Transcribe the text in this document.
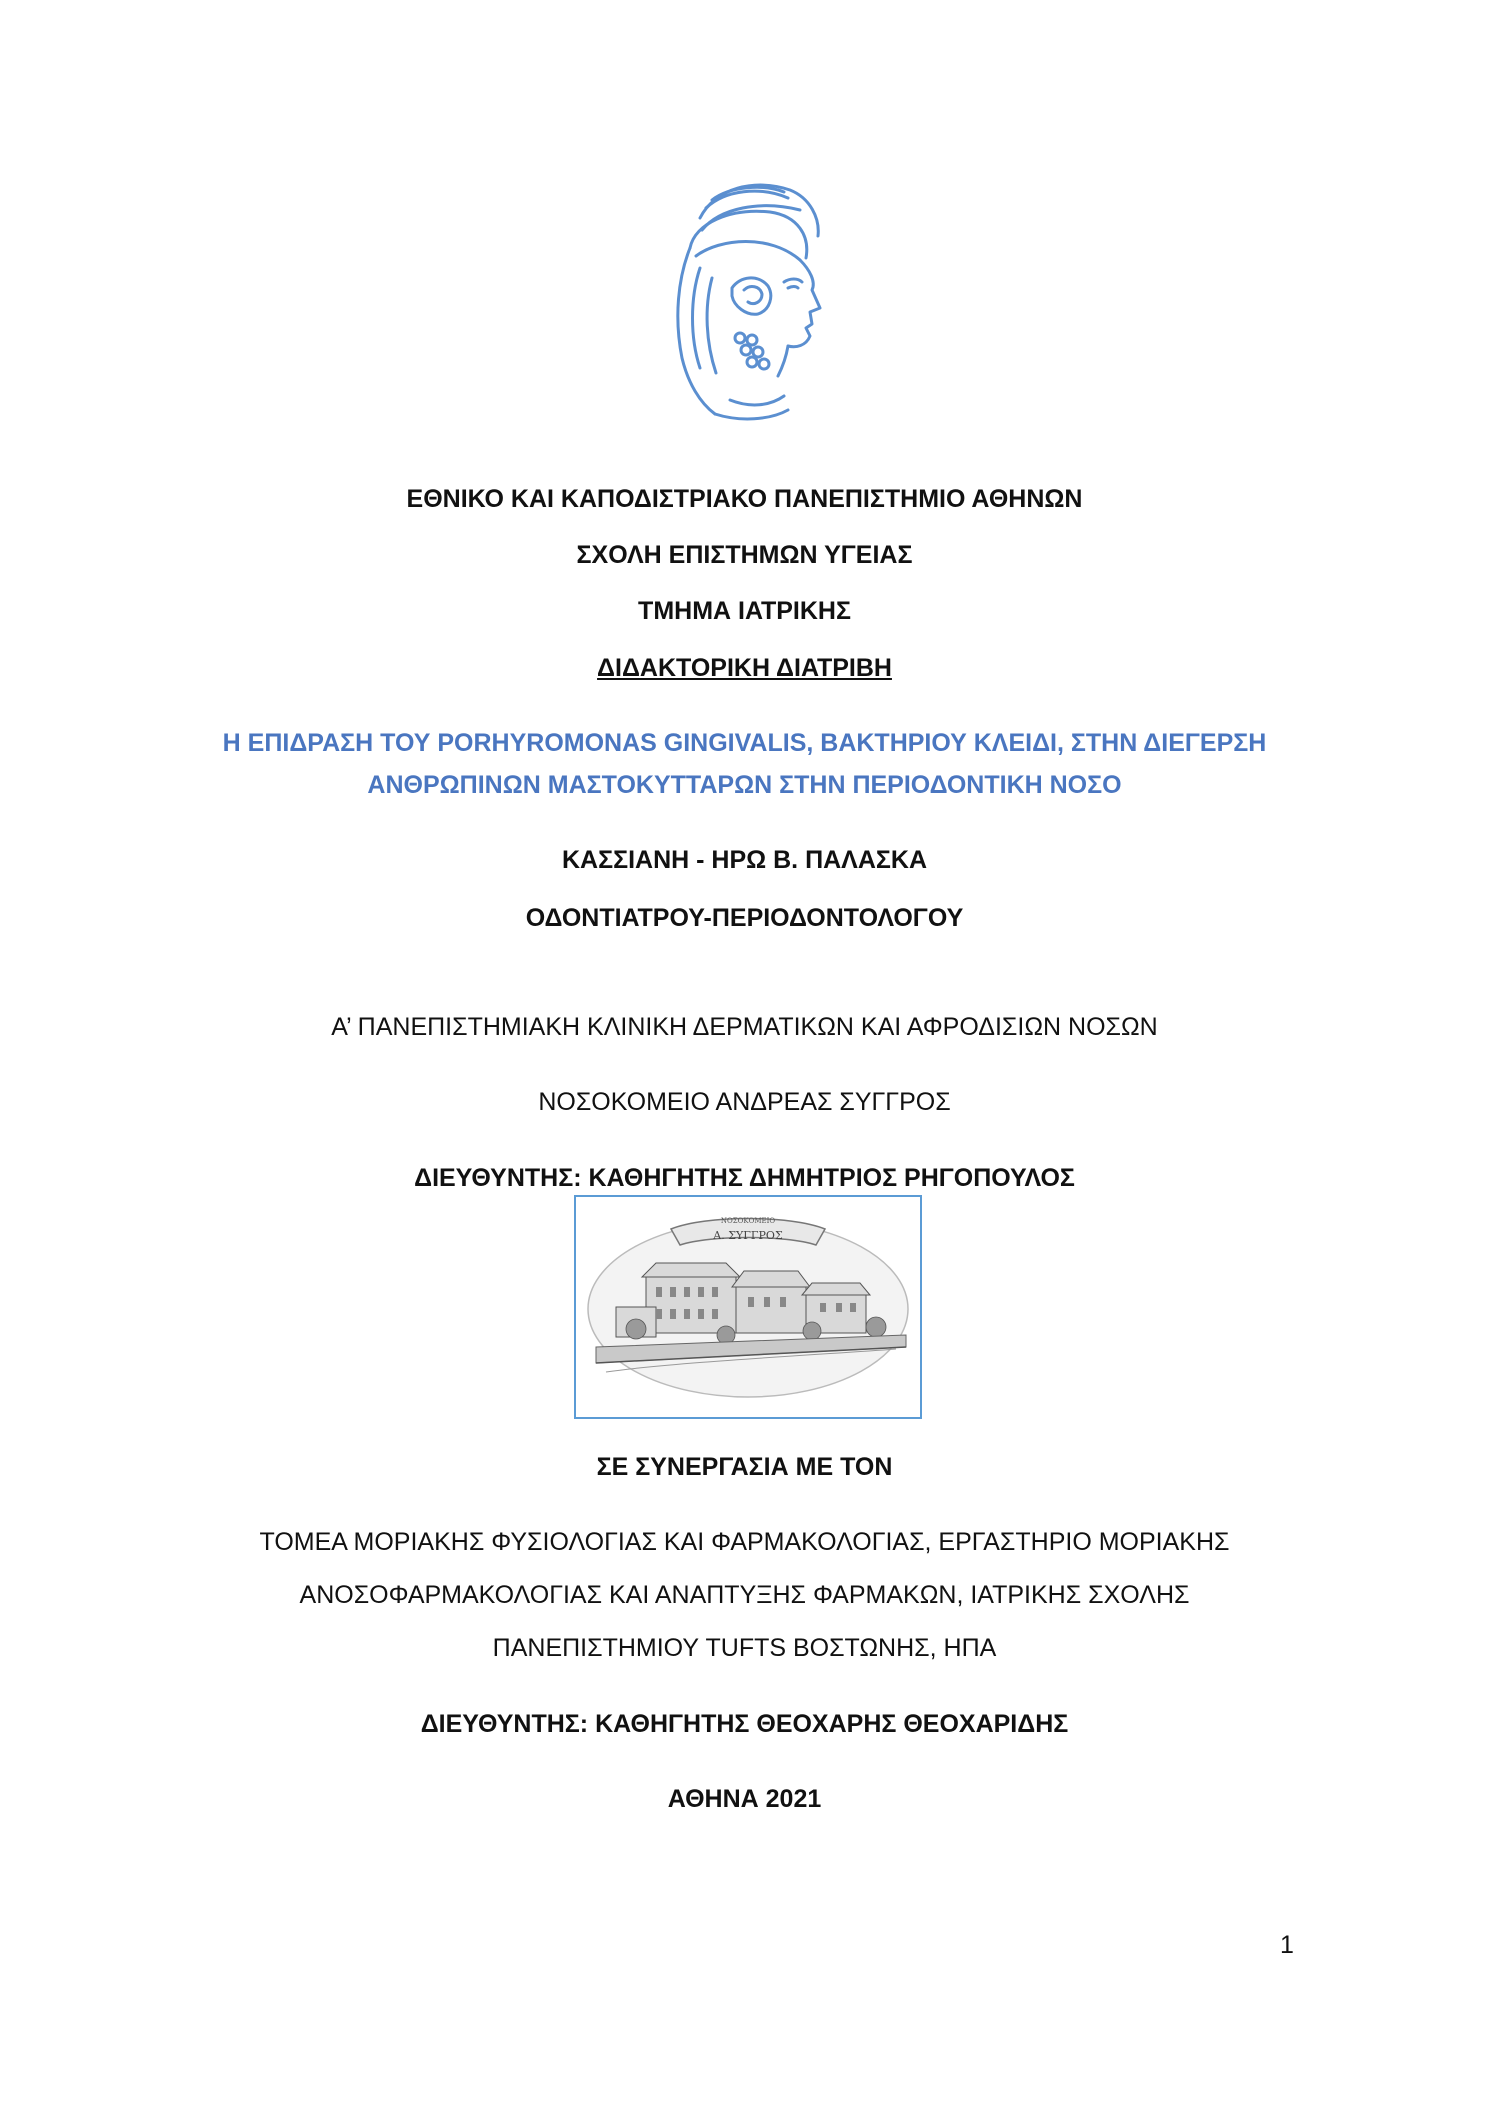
ΕΘΝΙΚΟ ΚΑΙ ΚΑΠΟΔΙΣΤΡΙΑΚΟ ΠΑΝΕΠΙΣΤΗΜΙΟ ΑΘΗΝΩΝ
ΣΧΟΛΗ ΕΠΙΣΤΗΜΩΝ ΥΓΕΙΑΣ
ΤΜΗΜΑ ΙΑΤΡΙΚΗΣ
ΔΙΔΑΚΤΟΡΙΚΗ ΔΙΑΤΡΙΒΗ
Η ΕΠΙΔΡΑΣΗ ΤΟΥ PORHYROMONAS GINGIVALIS, ΒΑΚΤΗΡΙΟΥ ΚΛΕΙΔΙ, ΣΤΗΝ ΔΙΕΓΕΡΣΗ
ΑΝΘΡΩΠΙΝΩΝ ΜΑΣΤΟΚΥΤΤΑΡΩΝ ΣΤΗΝ ΠΕΡΙΟΔΟΝΤΙΚΗ ΝΟΣΟ
ΚΑΣΣΙΑΝΗ - ΗΡΩ Β. ΠΑΛΑΣΚΑ
ΟΔΟΝΤΙΑΤΡΟΥ-ΠΕΡΙΟΔΟΝΤΟΛΟΓΟΥ
Α’ ΠΑΝΕΠΙΣΤΗΜΙΑΚΗ ΚΛΙΝΙΚΗ ΔΕΡΜΑΤΙΚΩΝ ΚΑΙ ΑΦΡΟΔΙΣΙΩΝ ΝΟΣΩΝ
ΝΟΣΟΚΟΜΕΙΟ ΑΝΔΡΕΑΣ ΣΥΓΓΡΟΣ
ΔΙΕΥΘΥΝΤΗΣ: ΚΑΘΗΓΗΤΗΣ ΔΗΜΗΤΡΙΟΣ ΡΗΓΟΠΟΥΛΟΣ
ΝΟΣΟΚΟΜΕΙΟ
Α. ΣΥΓΓΡΟΣ
ΣΕ ΣΥΝΕΡΓΑΣΙΑ ΜΕ ΤΟΝ
ΤΟΜΕΑ ΜΟΡΙΑΚΗΣ ΦΥΣΙΟΛΟΓΙΑΣ ΚΑΙ ΦΑΡΜΑΚΟΛΟΓΙΑΣ, ΕΡΓΑΣΤΗΡΙΟ ΜΟΡΙΑΚΗΣ
ΑΝΟΣΟΦΑΡΜΑΚΟΛΟΓΙΑΣ ΚΑΙ ΑΝΑΠΤΥΞΗΣ ΦΑΡΜΑΚΩΝ, ΙΑΤΡΙΚΗΣ ΣΧΟΛΗΣ
ΠΑΝΕΠΙΣΤΗΜΙΟΥ TUFTS ΒΟΣΤΩΝΗΣ, ΗΠΑ
ΔΙΕΥΘΥΝΤΗΣ: ΚΑΘΗΓΗΤΗΣ ΘΕΟΧΑΡΗΣ ΘΕΟΧΑΡΙΔΗΣ
ΑΘΗΝΑ 2021
1
